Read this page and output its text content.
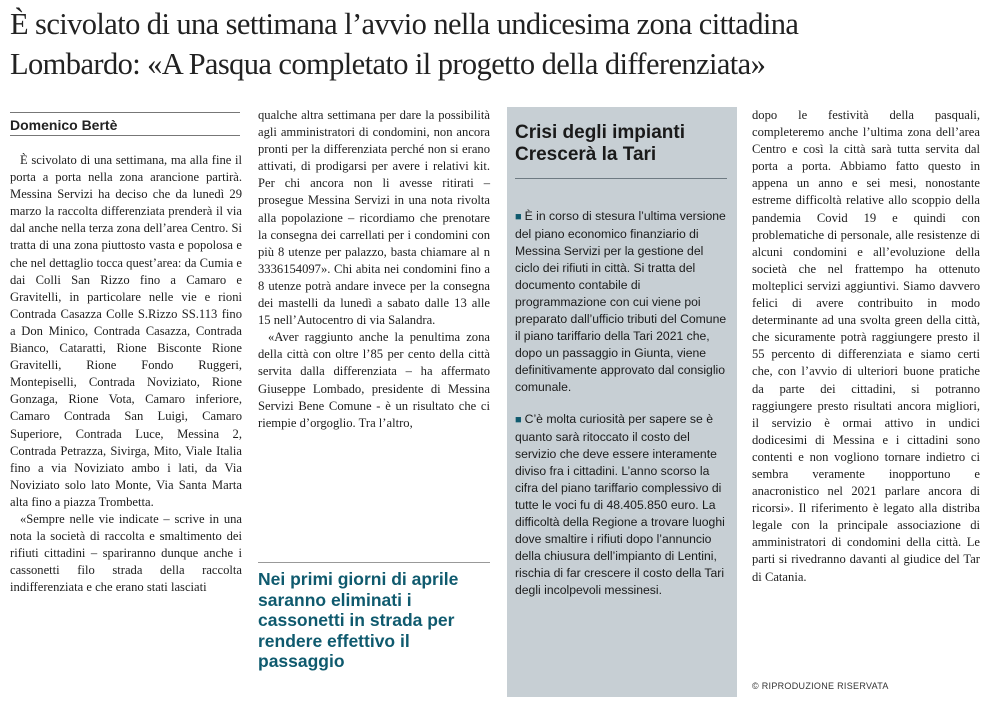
È scivolato di una settimana l’avvio nella undicesima zona cittadina
Lombardo: «A Pasqua completato il progetto della differenziata»
Domenico Bertè

È scivolato di una settimana, ma alla fine il porta a porta nella zona arancione partirà. Messina Servizi ha deciso che da lunedì 29 marzo la raccolta differenziata prenderà il via dal anche nella terza zona dell’area Centro. Si tratta di una zona piuttosto vasta e popolosa e che nel dettaglio tocca quest’area: da Cumia e dai Colli San Rizzo fino a Camaro e Gravitelli, in particolare nelle vie e rioni Contrada Casazza Colle S.Rizzo SS.113 fino a Don Minico, Contrada Casazza, Contrada Bianco, Cataratti, Rione Bisconte Rione Gravitelli, Rione Fondo Ruggeri, Montepiselli, Contrada Noviziato, Rione Gonzaga, Rione Vota, Camaro inferiore, Camaro Contrada San Luigi, Camaro Superiore, Contrada Luce, Messina 2, Contrada Petrazza, Sivirga, Mito, Viale Italia fino a via Noviziato ambo i lati, da Via Noviziato solo lato Monte, Via Santa Marta alta fino a piazza Trombetta.

«Sempre nelle vie indicate – scrive in una nota la società di raccolta e smaltimento dei rifiuti cittadini – spariranno dunque anche i cassonetti filo strada della raccolta indifferenziata e che erano stati lasciati

qualche altra settimana per dare la possibilità agli amministratori di condomini, non ancora pronti per la differenziata perché non si erano attivati, di prodigarsi per avere i relativi kit. Per chi ancora non li avesse ritirati – prosegue Messina Servizi in una nota rivolta alla popolazione – ricordiamo che prenotare la consegna dei carrellati per i condomini con più 8 utenze per palazzo, basta chiamare al n 3336154097». Chi abita nei condomini fino a 8 utenze potrà andare invece per la consegna dei mastelli da lunedì a sabato dalle 13 alle 15 nell’Autocentro di via Salandra.

«Aver raggiunto anche la penultima zona della città con oltre l’85 per cento della città servita dalla differenziata – ha affermato Giuseppe Lombado, presidente di Messina Servizi Bene Comune - è un risultato che ci riempie d’orgoglio. Tra l’altro,

Nei primi giorni di aprile saranno eliminati i cassonetti in strada per rendere effettivo il passaggio
Crisi degli impianti
Crescerà la Tari

■ È in corso di stesura l’ultima versione del piano economico finanziario di Messina Servizi per la gestione del ciclo dei rifiuti in città. Si tratta del documento contabile di programmazione con cui viene poi preparato dall’ufficio tributi del Comune il piano tariffario della Tari 2021 che, dopo un passaggio in Giunta, viene definitivamente approvato dal consiglio comunale.

■ C’è molta curiosità per sapere se è quanto sarà ritoccato il costo del servizio che deve essere interamente diviso fra i cittadini. L’anno scorso la cifra del piano tariffario complessivo di tutte le voci fu di 48.405.850 euro. La difficoltà della Regione a trovare luoghi dove smaltire i rifiuti dopo l’annuncio della chiusura dell’impianto di Lentini, rischia di far crescere il costo della Tari degli incolpevoli messinesi.

dopo le festività della pasquali, completeremo anche l’ultima zona dell’area Centro e così la città sarà tutta servita dal porta a porta. Abbiamo fatto questo in appena un anno e sei mesi, nonostante estreme difficoltà relative allo scoppio della pandemia Covid 19 e quindi con problematiche di personale, alle resistenze di alcuni condomini e all’evoluzione della società che nel frattempo ha ottenuto molteplici servizi aggiuntivi. Siamo davvero felici di avere contribuito in modo determinante ad una svolta green della città, che sicuramente potrà raggiungere presto il 55 percento di differenziata e siamo certi che, con l’avvio di ulteriori buone pratiche da parte dei cittadini, si potranno raggiungere presto risultati ancora migliori, il servizio è ormai attivo in undici dodicesimi di Messina e i cittadini sono contenti e non vogliono tornare indietro ci sembra veramente inopportuno e anacronistico nel 2021 parlare ancora di ricorsi». Il riferimento è legato alla distriba legale con la principale associazione di amministratori di condomini della città. Le parti si rivedranno davanti al giudice del Tar di Catania.

© RIPRODUZIONE RISERVATA
